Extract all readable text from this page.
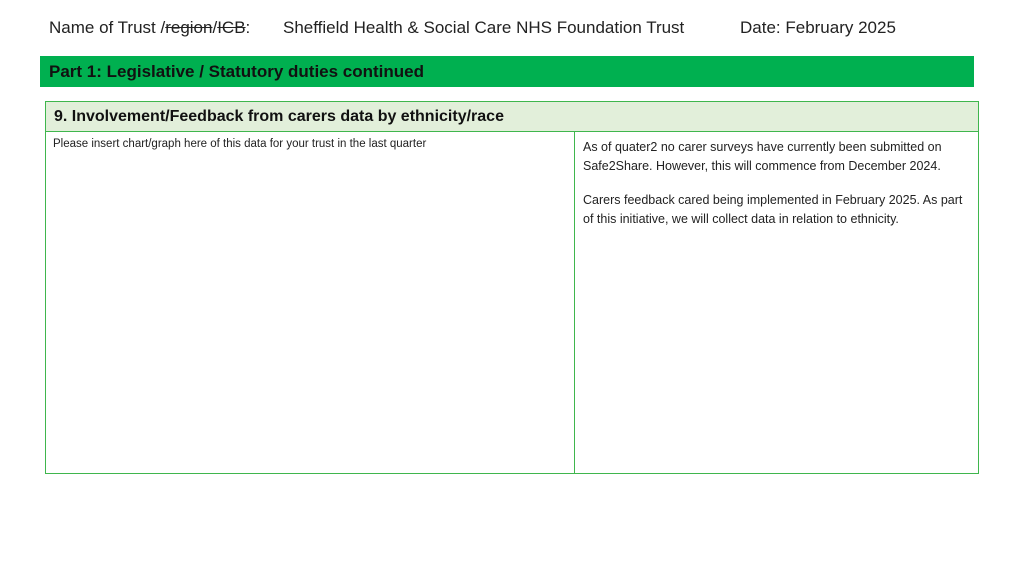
Name of Trust /region/ICB: Sheffield Health & Social Care NHS Foundation Trust	Date: February 2025
Part 1: Legislative / Statutory duties continued
9. Involvement/Feedback from carers data by ethnicity/race
Please insert chart/graph here of this data for your trust in the last quarter	As of quater2 no carer surveys have currently been submitted on Safe2Share. However, this will commence from December 2024.

Carers feedback cared being implemented in February 2025. As part of this initiative, we will collect data in relation to ethnicity.
